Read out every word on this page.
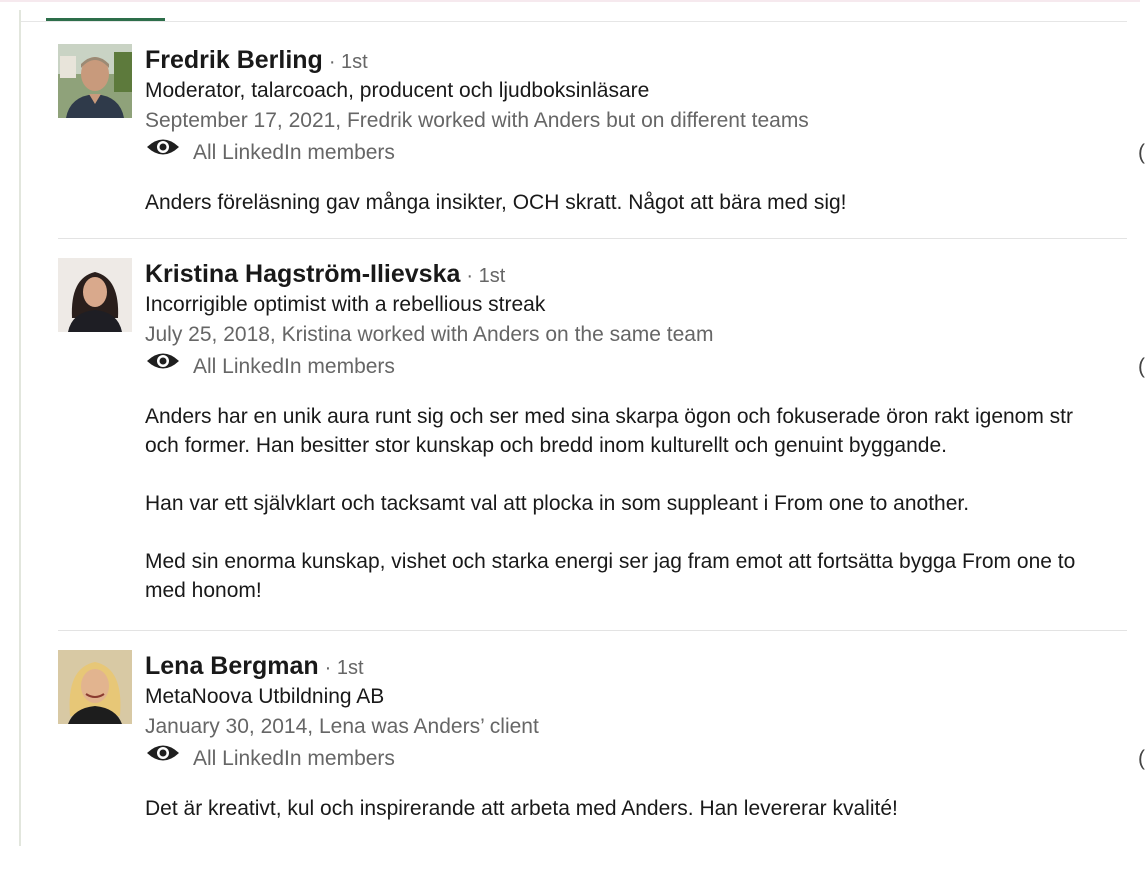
Fredrik Berling · 1st
Moderator, talarcoach, producent och ljudboksinläsare
September 17, 2021, Fredrik worked with Anders but on different teams
All LinkedIn members	(

Anders föreläsning gav många insikter, OCH skratt. Något att bära med sig!

Kristina Hagström-Ilievska · 1st
Incorrigible optimist with a rebellious streak
July 25, 2018, Kristina worked with Anders on the same team
All LinkedIn members	(

Anders har en unik aura runt sig och ser med sina skarpa ögon och fokuserade öron rakt igenom str
och former. Han besitter stor kunskap och bredd inom kulturellt och genuint byggande.

Han var ett självklart och tacksamt val att plocka in som suppleant i From one to another.

Med sin enorma kunskap, vishet och starka energi ser jag fram emot att fortsätta bygga From one to
med honom!

Lena Bergman · 1st
MetaNoova Utbildning AB
January 30, 2014, Lena was Anders’ client
All LinkedIn members	(

Det är kreativt, kul och inspirerande att arbeta med Anders. Han levererar kvalité!
